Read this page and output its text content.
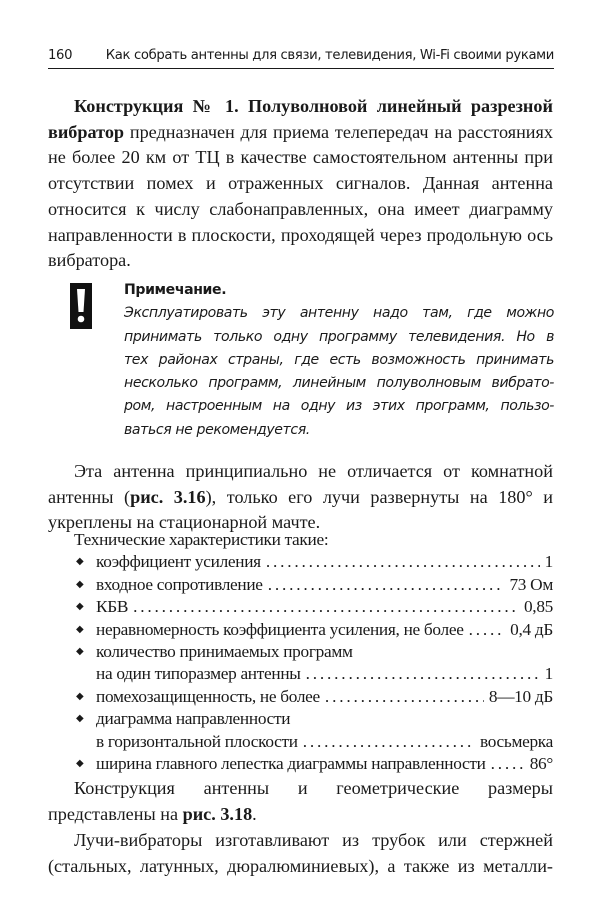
160	Как собрать антенны для связи, телевидения, Wi-Fi своими руками

Конструкция № 1. Полуволновой линейный разрезной вибратор предназначен для приема телепередач на расстояниях не более 20 км от ТЦ в качестве самостоятельном антенны при отсутствии помех и отраженных сигналов. Данная антенна относится к числу слабонаправленных, она имеет диаграмму направленности в плоскости, проходящей через продольную ось вибратора.

Примечание.
Эксплуатировать эту антенну надо там, где можно
принимать только одну программу телевидения. Но в
тех районах страны, где есть возможность принимать
несколько программ, линейным полуволновым вибрато-
ром, настроенным на одну из этих программ, пользо-
ваться не рекомендуется.

Эта антенна принципиально не отличается от комнатной антенны (рис. 3.16), только его лучи развернуты на 180° и укреплены на стационарной мачте.

Технические характеристики такие:
◆ коэффициент усиления . . .	1
◆ входное сопротивление . . .	73 Ом
◆ КБВ . . .	0,85
◆ неравномерность коэффициента усиления, не более . . .	0,4 дБ
◆ количество принимаемых программ
на один типоразмер антенны . . .	1
◆ помехозащищенность, не более . . .	8—10 дБ
◆ диаграмма направленности
в горизонтальной плоскости . . .	восьмерка
◆ ширина главного лепестка диаграммы направленности . . .	86°

Конструкция антенны и геометрические размеры представлены на рис. 3.18.

Лучи-вибраторы изготавливают из трубок или стержней (стальных, латунных, дюралюминиевых), а также из металли-
